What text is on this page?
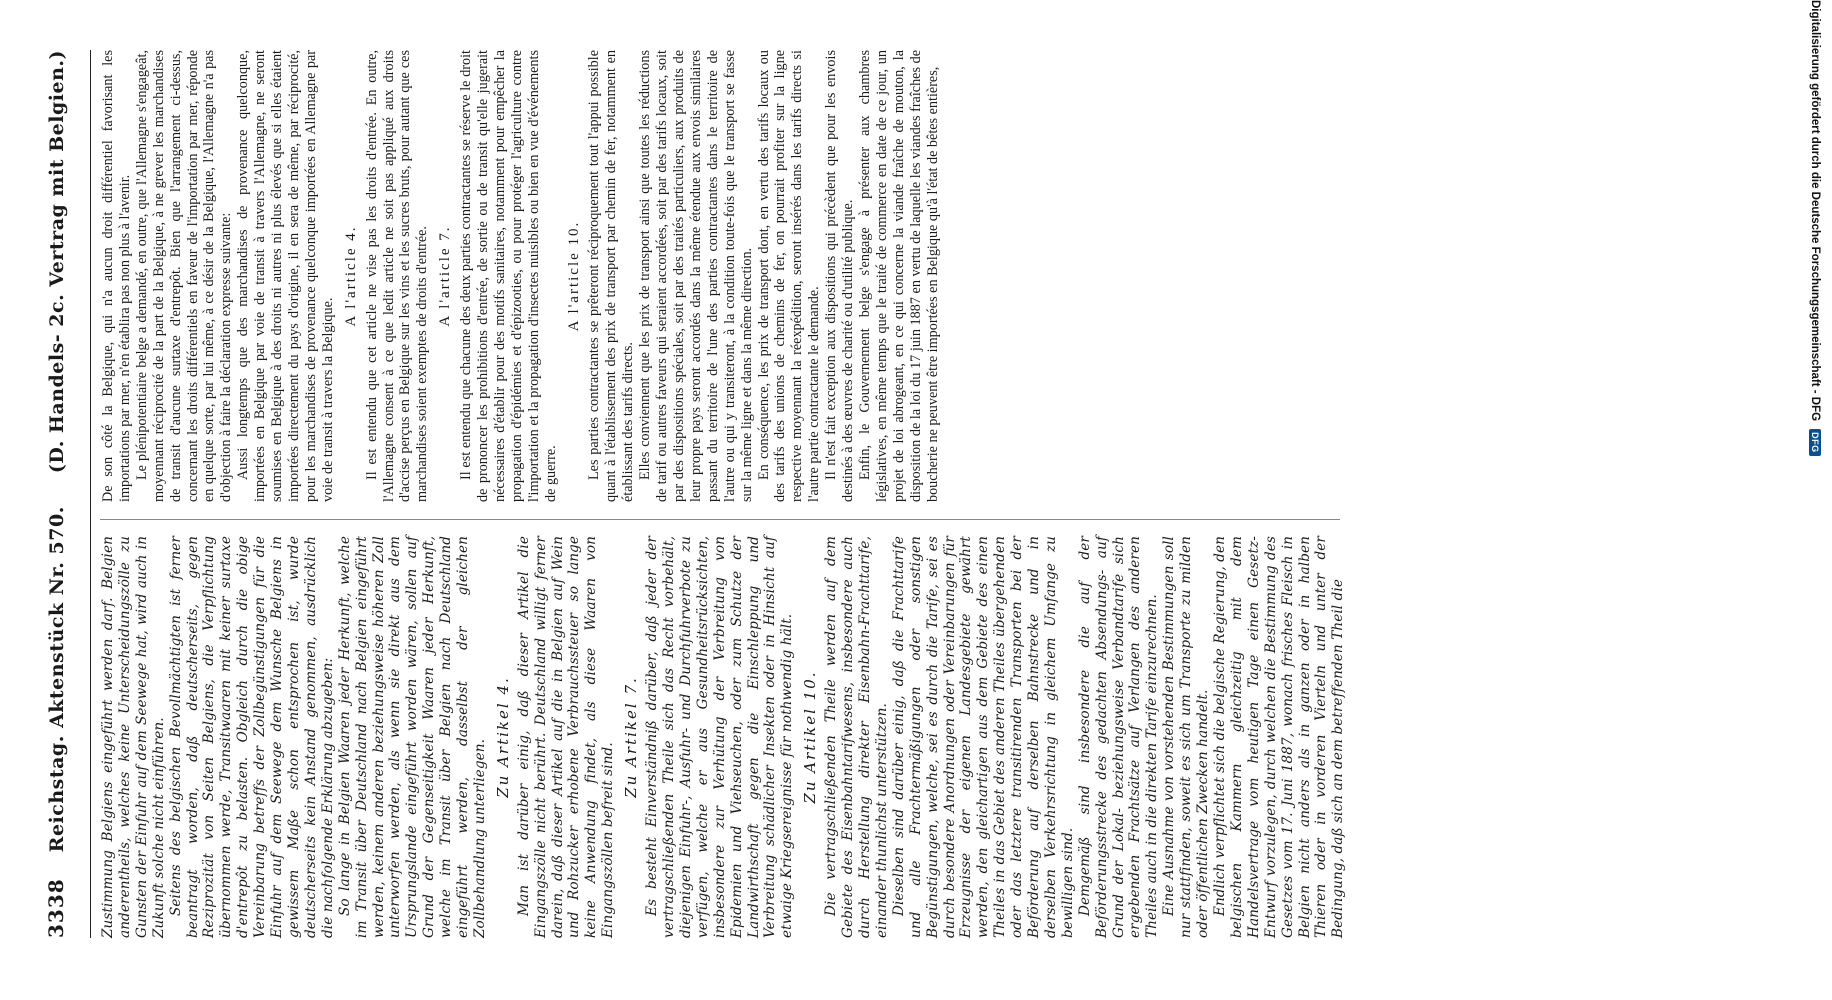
3338
Reichstag. Aktenstück Nr. 570.
(D. Handels- 2c. Vertrag mit Belgien.)

Zustimmung Belgiens eingeführt werden darf. Belgien anderentheils, welches keine Unterscheidungszölle zu Gunsten der Einfuhr auf dem Seewege hat, wird auch in Zukunft solche nicht einführen. Seitens des belgischen Bevollmächtigten ist ferner beantragt worden, daß deutscherseits, gegen Reziprozität von Seiten Belgiens, die Verpflichtung übernommen werde, Transitwaaren mit keiner surtaxe d'entrepôt zu belasten. Obgleich durch die obige Vereinbarung betreffs der Zollbegünstigungen für die Einfuhr auf dem Seewege dem Wunsche Belgiens in gewissem Maße schon entsprochen ist, wurde deutscherseits kein Anstand genommen, ausdrücklich die nachfolgende Erklärung abzugeben: So lange in Belgien Waaren jeder Herkunft, welche im Transit über Deutschland nach Belgien eingeführt werden, keinem anderen beziehungsweise höheren Zoll unterworfen werden, als wenn sie direkt aus dem Ursprungslande eingeführt worden wären, sollen auf Grund der Gegenseitigkeit Waaren jeder Herkunft, welche im Transit über Belgien nach Deutschland eingeführt werden, dasselbst der gleichen Zollbehandlung unterliegen.

Zu Artikel 4. Man ist darüber einig, daß dieser Artikel die Eingangszölle nicht berührt. Deutschland willigt ferner darein, daß dieser Artikel auf die in Belgien auf Wein und Rohzucker erhobene Verbrauchssteuer so lange keine Anwendung findet, als diese Waaren von Eingangszöllen befreit sind.

Zu Artikel 7. Es besteht Einverständniß darüber, daß jeder der vertragschließenden Theile sich das Recht vorbehält, diejenigen Einfuhr-, Ausfuhr- und Durchfuhrverbote zu verfügen, welche er aus Gesundheitsrücksichten, insbesondere zur Verhütung der Verbreitung von Epidemien und Viehseuchen, oder zum Schutze der Landwirthschaft gegen die Einschleppung und Verbreitung schädlicher Insekten oder in Hinsicht auf etwaige Kriegsereignisse für nothwendig hält. Zu Artikel 10. Die vertragschließenden Theile werden auf dem Gebiete des Eisenbahntarifwesens, insbesondere auch durch Herstellung direkter Eisenbahn-Frachttarife, einander thunlichst unterstützen. Dieselben sind darüber einig, daß die Frachttarife und alle Frachtermäßigungen oder sonstigen Begünstigungen, welche, sei es durch die Tarife, sei es durch besondere Anordnungen oder Vereinbarungen für Erzeugnisse der eigenen Landesgebiete gewährt werden, den gleichartigen aus dem Gebiete des einen Theiles in das Gebiet des anderen Theiles übergehenden oder das letztere transitirenden Transporten bei der Beförderung auf derselben Bahnstrecke und in derselben Verkehrsrichtung in gleichem Umfange zu bewilligen sind. Demgemäß sind insbesondere die auf der Beförderungsstrecke des gedachten Absendungs- auf Grund der Lokal- beziehungsweise Verbandtarife sich ergebenden Frachtsätze auf Verlangen des anderen Theiles auch in die direkten Tarife einzurechnen. Eine Ausnahme von vorstehenden Bestimmungen soll nur stattfinden, soweit es sich um Transporte zu milden oder öffentlichen Zwecken handelt. Endlich verpflichtet sich die belgische Regierung, den belgischen Kammern gleichzeitig mit dem Handelsvertrage vom heutigen Tage einen Gesetz-Entwurf vorzulegen, durch welchen die Bestimmung des Gesetzes vom 17. Juni 1887, wonach frisches Fleisch in Belgien nicht anders als in ganzen oder in halben Thieren oder in vorderen Vierteln und unter der Bedingung, daß sich an dem betreffenden Theil die

De son côté la Belgique, qui n'a aucun droit différentiel favorisant les importations par mer, n'en établira pas non plus à l'avenir. Le plénipotentiaire belge a demandé, en outre, que l'Allemagne s'engageât, moyennant réciprocité de la part de la Belgique, à ne grever les marchandises de transit d'aucune surtaxe d'entrepôt. Bien que l'arrangement ci-dessus, concernant les droits différentiels en faveur de l'importation par mer, réponde en quelque sorte, par lui même, à ce désir de la Belgique, l'Allemagne n'a pas d'objection à faire la déclaration expresse suivante: Aussi longtemps que des marchandises de provenance quelconque, importées en Belgique par voie de transit à travers l'Allemagne, ne seront soumises en Belgique à des droits ni autres ni plus élevés que si elles étaient importées directement du pays d'origine, il en sera de même, par réciprocité, pour les marchandises de provenance quelconque importées en Allemagne par voie de transit à travers la Belgique.

A l'article 4. Il est entendu que cet article ne vise pas les droits d'entrée. En outre, l'Allemagne consent à ce que ledit article ne soit pas appliqué aux droits d'accise perçus en Belgique sur les vins et les sucres bruts, pour autant que ces marchandises soient exemptes de droits d'entrée. A l'article 7. Il est entendu que chacune des deux parties contractantes se réserve le droit de prononcer les prohibitions d'entrée, de sortie ou de transit qu'elle jugerait nécessaires d'établir pour des motifs sanitaires, notamment pour empêcher la propagation d'épidémies et d'épizooties, ou pour protéger l'agriculture contre l'importation et la propagation d'insectes nuisibles ou bien en vue d'événements de guerre.

A l'article 10. Les parties contractantes se prêteront réciproquement tout l'appui possible quant à l'établissement des prix de transport par chemin de fer, notamment en établissant des tarifs directs. Elles conviennent que les prix de transport ainsi que toutes les réductions de tarif ou autres faveurs qui seraient accordées, soit par des tarifs locaux, soit par des dispositions spéciales, soit par des traités particuliers, aux produits de leur propre pays seront accordés dans la même étendue aux envois similaires passant du territoire de l'une des parties contractantes dans le territoire de l'autre ou qui y transiteront, à la condition toute-fois que le transport se fasse sur la même ligne et dans la même direction. En conséquence, les prix de transport dont, en vertu des tarifs locaux ou des tarifs des unions de chemins de fer, on pourrait profiter sur la ligne respective moyennant la réexpédition, seront insérés dans les tarifs directs si l'autre partie contractante le demande. Il n'est fait exception aux dispositions qui précèdent que pour les envois destinés à des œuvres de charité ou d'utilité publique. Enfin, le Gouvernement belge s'engage à présenter aux chambres législatives, en même temps que le traité de commerce en date de ce jour, un projet de loi abrogeant, en ce qui concerne la viande fraîche de mouton, la disposition de la loi du 17 juin 1887 en vertu de laquelle les viandes fraîches de boucherie ne peuvent être importées en Belgique qu'à l'état de bêtes entières,	Digitalisierung gefördert durch die Deutsche Forschungsgemeinschaft - DFG
DFG
